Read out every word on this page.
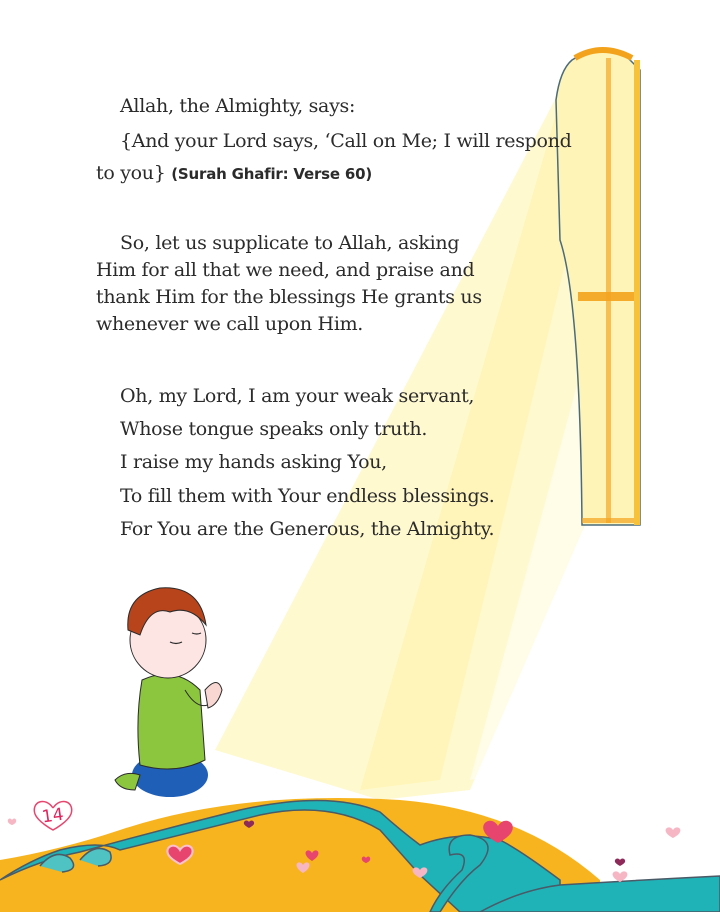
Allah, the Almighty, says:
{And your Lord says, ‘Call on Me; I will respond
to you} (Surah Ghafir: Verse 60)
So, let us supplicate to Allah, asking
Him for all that we need, and praise and
thank Him for the blessings He grants us
whenever we call upon Him.
Oh, my Lord, I am your weak servant,
Whose tongue speaks only truth.
I raise my hands asking You,
To fill them with Your endless blessings.
For You are the Generous, the Almighty.
14
